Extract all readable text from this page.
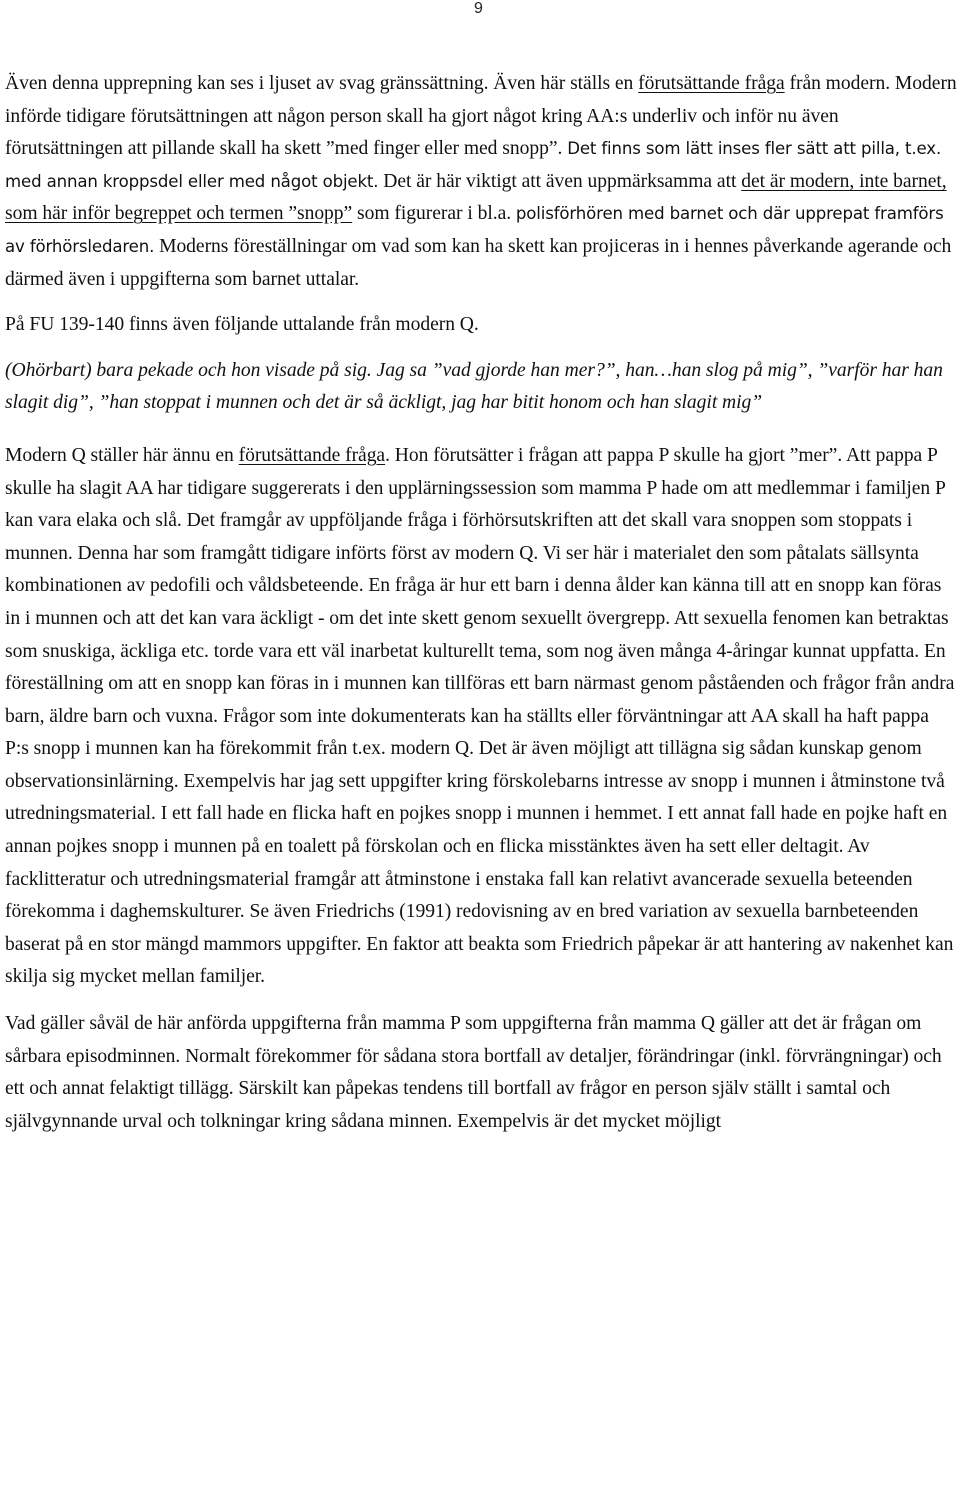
9

Även denna upprepning kan ses i ljuset av svag gränssättning. Även här ställs en förutsättande fråga från modern. Modern införde tidigare förutsättningen att någon person skall ha gjort något kring AA:s underliv och inför nu även förutsättningen att pillande skall ha skett ”med finger eller med snopp”. Det finns som lätt inses fler sätt att pilla, t.ex. med annan kroppsdel eller med något objekt. Det är här viktigt att även uppmärksamma att det är modern, inte barnet, som här inför begreppet och termen ”snopp” som figurerar i bl.a. polisförhören med barnet och där upprepat framförs av förhörsledaren. Moderns föreställningar om vad som kan ha skett kan projiceras in i hennes påverkande agerande och därmed även i uppgifterna som barnet uttalar.

På FU 139-140 finns även följande uttalande från modern Q.

(Ohörbart) bara pekade och hon visade på sig. Jag sa ”vad gjorde han mer?”, han…han slog på mig”, ”varför har han slagit dig”, ”han stoppat i munnen och det är så äckligt, jag har bitit honom och han slagit mig”

Modern Q ställer här ännu en förutsättande fråga. Hon förutsätter i frågan att pappa P skulle ha gjort ”mer”. Att pappa P skulle ha slagit AA har tidigare suggererats i den upplärningssession som mamma P hade om att medlemmar i familjen P kan vara elaka och slå. Det framgår av uppföljande fråga i förhörsutskriften att det skall vara snoppen som stoppats i munnen. Denna har som framgått tidigare införts först av modern Q. Vi ser här i materialet den som påtalats sällsynta kombinationen av pedofili och våldsbeteende. En fråga är hur ett barn i denna ålder kan känna till att en snopp kan föras in i munnen och att det kan vara äckligt - om det inte skett genom sexuellt övergrepp. Att sexuella fenomen kan betraktas som snuskiga, äckliga etc. torde vara ett väl inarbetat kulturellt tema, som nog även många 4-åringar kunnat uppfatta. En föreställning om att en snopp kan föras in i munnen kan tillföras ett barn närmast genom påståenden och frågor från andra barn, äldre barn och vuxna. Frågor som inte dokumenterats kan ha ställts eller förväntningar att AA skall ha haft pappa P:s snopp i munnen kan ha förekommit från t.ex. modern Q. Det är även möjligt att tillägna sig sådan kunskap genom observationsinlärning. Exempelvis har jag sett uppgifter kring förskolebarns intresse av snopp i munnen i åtminstone två utredningsmaterial. I ett fall hade en flicka haft en pojkes snopp i munnen i hemmet. I ett annat fall hade en pojke haft en annan pojkes snopp i munnen på en toalett på förskolan och en flicka misstänktes även ha sett eller deltagit. Av facklitteratur och utredningsmaterial framgår att åtminstone i enstaka fall kan relativt avancerade sexuella beteenden förekomma i daghemskulturer. Se även Friedrichs (1991) redovisning av en bred variation av sexuella barnbeteenden baserat på en stor mängd mammors uppgifter. En faktor att beakta som Friedrich påpekar är att hantering av nakenhet kan skilja sig mycket mellan familjer.

Vad gäller såväl de här anförda uppgifterna från mamma P som uppgifterna från mamma Q gäller att det är frågan om sårbara episodminnen. Normalt förekommer för sådana stora bortfall av detaljer, förändringar (inkl. förvrängningar) och ett och annat felaktigt tillägg. Särskilt kan påpekas tendens till bortfall av frågor en person själv ställt i samtal och självgynnande urval och tolkningar kring sådana minnen. Exempelvis är det mycket möjligt
